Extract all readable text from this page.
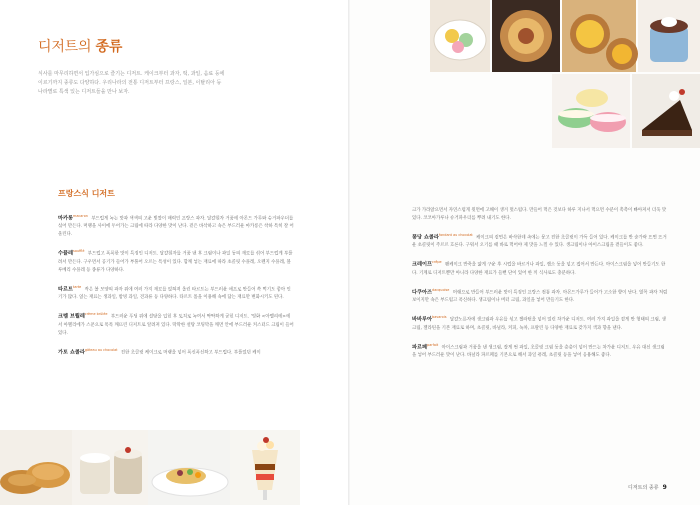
디저트의 종류
식사를 마무리하면서 입가심으로 즐기는 디저트. 케이크부터 과자, 떡, 과일, 음료 등에
이르기까지 종류도 다양하다. 우리나라의 전통 디저트부터 프랑스, 일본, 이탈리아 등
나라별로 특색 있는 디저트들을 만나 보자.
프랑스식 디저트

마카롱$^{macaron}$ 부드럽게 녹는 맛과 색색의 고운 빛깔이 매력인 프랑스 과자. 달걀흰자 거품에 아몬드 가루와 슈거파우더를 섞어 만든다. 머랭을 사이에 두어가는 크림에 따라 다양한 맛이 난다. 겉은 바삭하고 속은 부드러운 마카롱은 착하 특히 잘 어울린다.

수플레$^{soufflé}$ 부드럽고 폭폭한 맛이 특징인 디저트. 달걀흰자를 거품 낸 후 크림이나 과일 등의 재료를 섞어 부드럽게 부풀려서 만든다. 구우면서 공기가 들어가 부풀어 오르는 특성이 있다. 함께 넣는 재료에 따라 초콜릿 수플레, 오렌지 수플레, 블루베리 수플레 등 종류가 다양하다.

타르트$^{tarte}$ 작은 볼 모양의 과자 위에 여러 가지 재료를 얹혀져 올린 타르트는 부드러운 애프로 만들어 쓱 먹기도 좋아 인기가 많다. 얹는 재료는 생과일, 밤빙 과일, 견과류 등 다양하다. 타르트 틀을 이용해 속에 담는 재료만 변화시키도 된다.

크렘 브륄레$^{crème brûlée}$ 부드러운 푸딩 위에 설탕을 입힌 후 토치로 녹여서 딱딱하게 굳힌 디저트. '영화 <아멜리에>에서 아멜리에가 스푼으로 톡톡 깨뜨린 디저트로 알려져 있다. 딱딱한 설탕 코팅막을 깨면 안에 부드러운 커스터드 크림이 들어 있다.

가토 쇼콜라$^{gâteau au chocolat}$ 진한 초콜릿 케이크로 머랭을 넣어 폭신폭신하고 부드럽다. 부풀었던 케이

크가 가라앉으면서 자연스럽게 윗면에 고해이 생겨 멋스럽다. 만들어 먹은 것보다 하루 지나서 먹으면 수분이 촉촉이 빠아져서 더욱 맛있다. 코코아가루나 슈거파우더를 뿌려 내기도 한다.

퐁당 쇼콜라$^{fondant au chocolat}$ 케이크의 겉면은 바삭한데 속에는 뭉고 진한 초콜릿이 가득 들어 있다. 케이크를 반 숟가락 뜨면 뜨거운 초콜릿이 주르르 흐른다. 구워서 오기를 때 바로 먹어야 제 맛을 느낄 수 있다. 생크림이나 아이스크림을 곁들이도 좋다.

크레이프$^{crêpe}$ 팬케이크 반죽을 얇게 구운 후 시럽을 바르거나 과일, 잼소 등을 넣고 접어서 만든다. 아이스크림을 넣어 만들기도 한다. 기계로 디저트뿐만 아니라 다양한 재료가 들뻔 단이 있어 한 끼 식사로도 충분하다.

다쿠아즈$^{dacquoise}$ 머랭으로 만들어 부드러운 맛이 특징인 프랑스 전통 과자. 아몬드가루가 들어가 고소한 향이 난다. 열꼭 과자 처럼 보이지만 속은 부드럽고 폭신하다. 생크림이나 버터 크림, 과일을 넣어 만들기도 한다.

바바루아$^{bavarois}$ 달걀노른자에 생크림과 우유를 섞고 젤라틴을 넣어 얼린 차가운 디저트. 여러 가지 과일을 곁게 만 형태의 크림, 생크림, 젤라틴을 기본 재료로 하며, 초콜릿, 바닐라, 커피, 녹차, 프랄린 등 다양한 재료로 갖가지 색과 향을 낸다.

파르페$^{parfait}$ 아이스크림과 거품을 낸 생크림, 잘게 썬 과일, 초콜릿 크림 등을 층층이 넣어 만드는 차가운 디저트. 우유 대신 생크림을 넣어 부드러운 맛이 난다. 바닐라 파르페를 기본으로 해서 과일 퓨레, 초콜릿 등을 넣어 응용해도 좋다.

디저트의 종류 9
